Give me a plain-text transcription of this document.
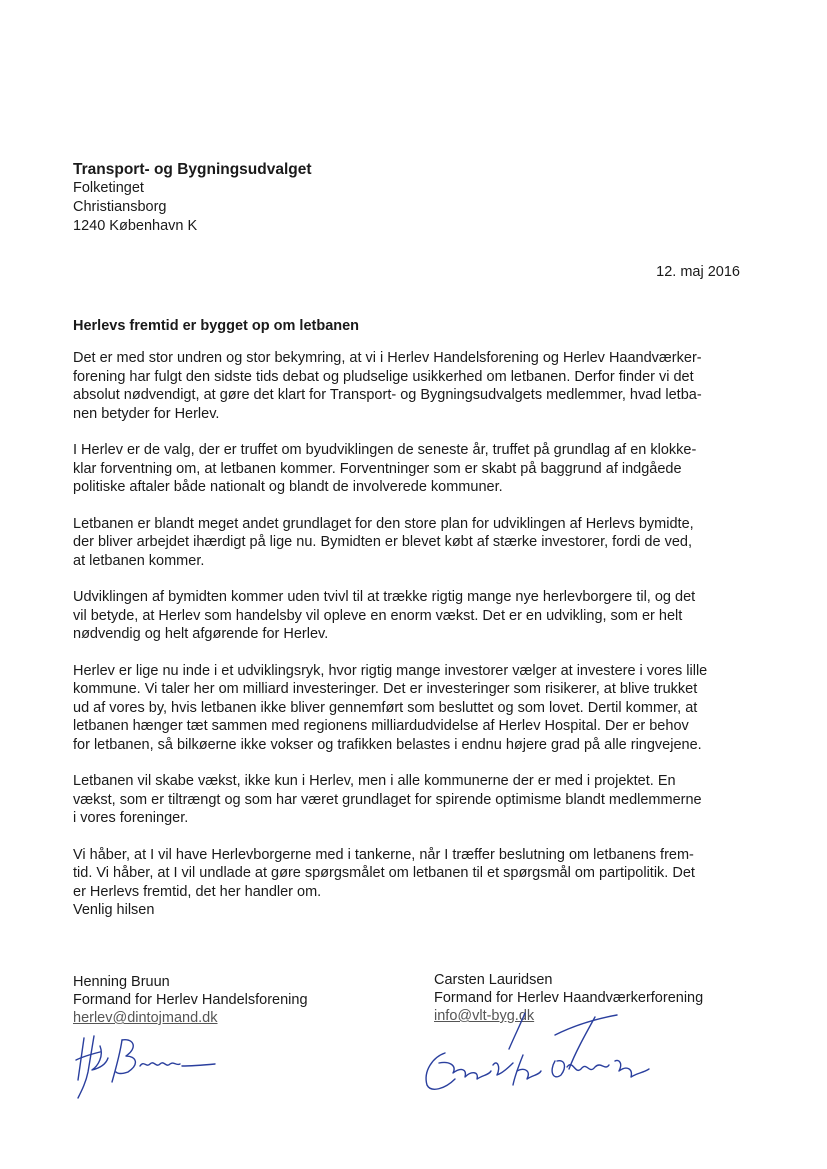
Transport- og Bygningsudvalget
Folketinget
Christiansborg
1240 København K
12. maj 2016
Herlevs fremtid er bygget op om letbanen

Det er med stor undren og stor bekymring, at vi i Herlev Handelsforening og Herlev Haandværker-
forening har fulgt den sidste tids debat og pludselige usikkerhed om letbanen. Derfor finder vi det
absolut nødvendigt, at gøre det klart for Transport- og Bygningsudvalgets medlemmer, hvad letba-
nen betyder for Herlev.

I Herlev er de valg, der er truffet om byudviklingen de seneste år, truffet på grundlag af en klokke-
klar forventning om, at letbanen kommer. Forventninger som er skabt på baggrund af indgåede
politiske aftaler både nationalt og blandt de involverede kommuner.

Letbanen er blandt meget andet grundlaget for den store plan for udviklingen af Herlevs bymidte,
der bliver arbejdet ihærdigt på lige nu. Bymidten er blevet købt af stærke investorer, fordi de ved,
at letbanen kommer.

Udviklingen af bymidten kommer uden tvivl til at trække rigtig mange nye herlevborgere til, og det
vil betyde, at Herlev som handelsby vil opleve en enorm vækst. Det er en udvikling, som er helt
nødvendig og helt afgørende for Herlev.

Herlev er lige nu inde i et udviklingsryk, hvor rigtig mange investorer vælger at investere i vores lille
kommune. Vi taler her om milliard investeringer. Det er investeringer som risikerer, at blive trukket
ud af vores by, hvis letbanen ikke bliver gennemført som besluttet og som lovet. Dertil kommer, at
letbanen hænger tæt sammen med regionens milliardudvidelse af Herlev Hospital. Der er behov
for letbanen, så bilkøerne ikke vokser og trafikken belastes i endnu højere grad på alle ringvejene.

Letbanen vil skabe vækst, ikke kun i Herlev, men i alle kommunerne der er med i projektet. En
vækst, som er tiltrængt og som har været grundlaget for spirende optimisme blandt medlemmerne
i vores foreninger.

Vi håber, at I vil have Herlevborgerne med i tankerne, når I træffer beslutning om letbanens frem-
tid. Vi håber, at I vil undlade at gøre spørgsmålet om letbanen til et spørgsmål om partipolitik. Det
er Herlevs fremtid, det her handler om.

Venlig hilsen
Henning Bruun
Formand for Herlev Handelsforening
herlev@dintojmand.dk
Carsten Lauridsen
Formand for Herlev Haandværkerforening
info@vlt-byg.dk
